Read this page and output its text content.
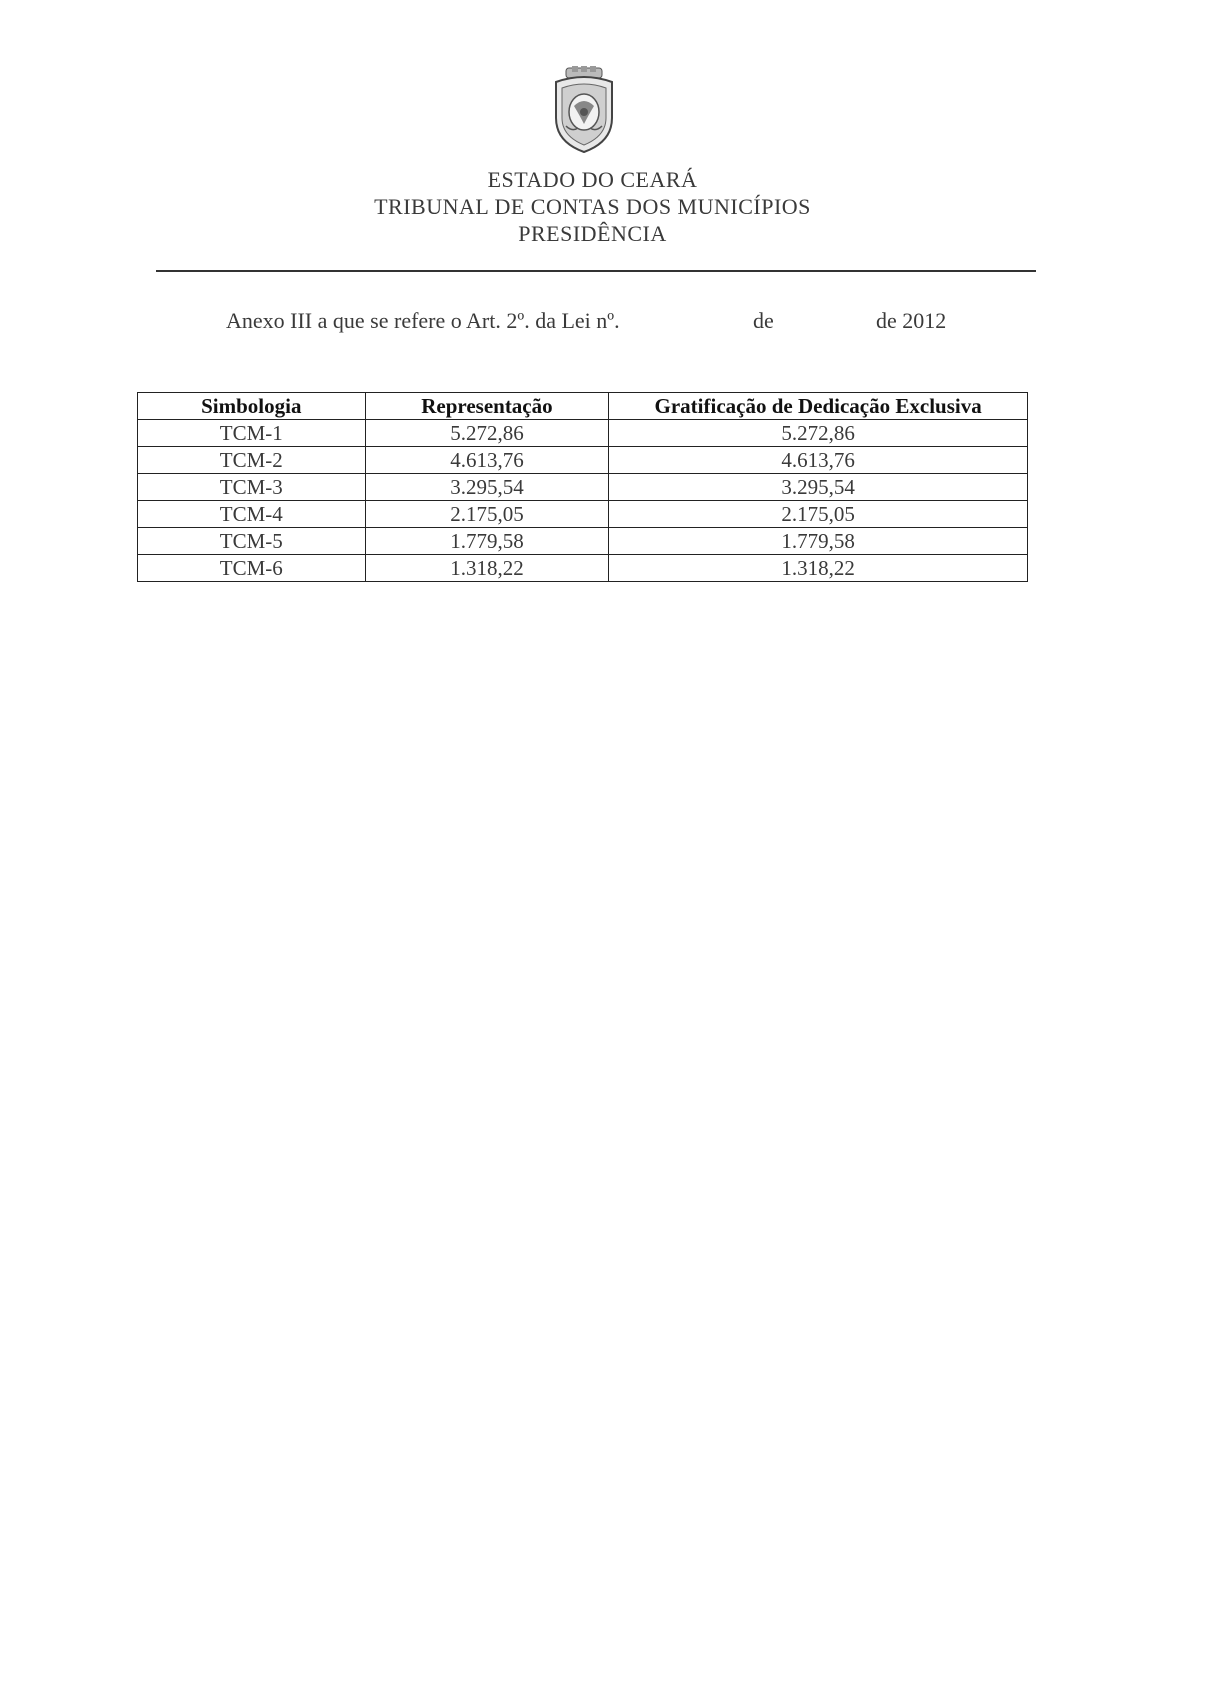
ESTADO DO CEARÁ
TRIBUNAL DE CONTAS DOS MUNICÍPIOS
PRESIDÊNCIA
Anexo III a que se refere o Art. 2º. da Lei nº.	de	de 2012
Simbologia	Representação	Gratificação de Dedicação Exclusiva
TCM-1	5.272,86	5.272,86
TCM-2	4.613,76	4.613,76
TCM-3	3.295,54	3.295,54
TCM-4	2.175,05	2.175,05
TCM-5	1.779,58	1.779,58
TCM-6	1.318,22	1.318,22
